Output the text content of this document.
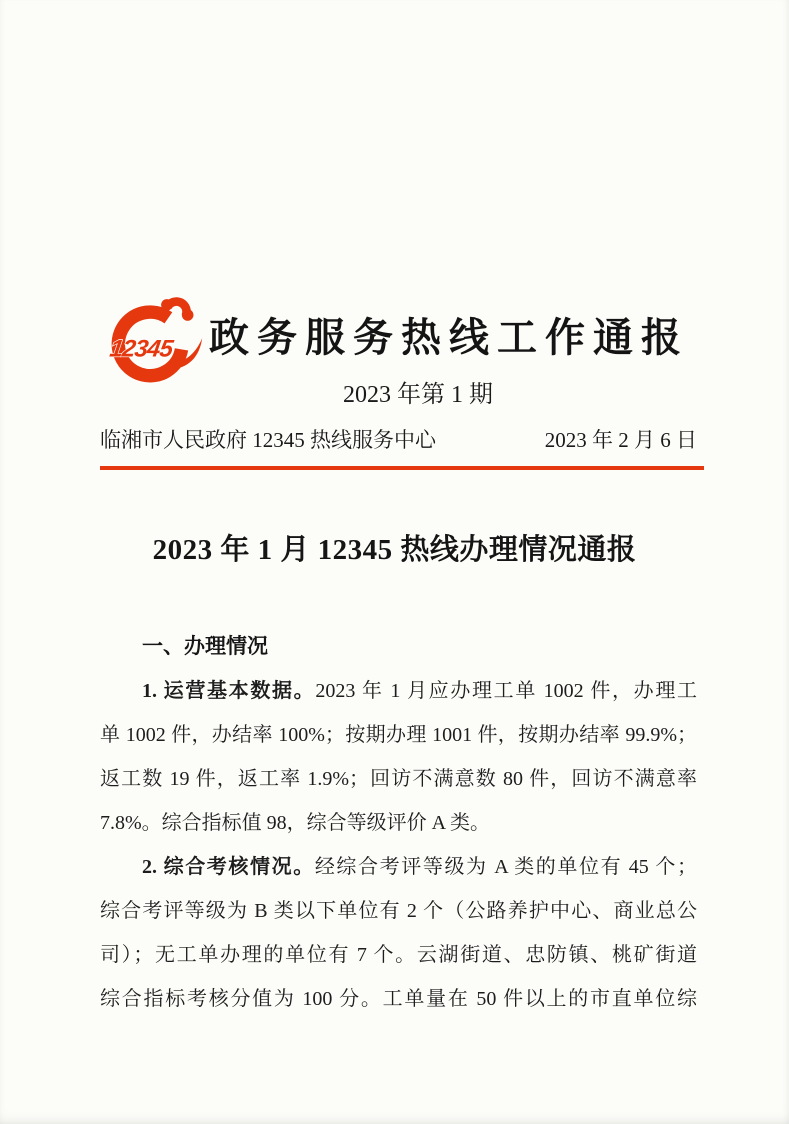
12345 政务服务热线工作通报
2023 年第 1 期
临湘市人民政府 12345 热线服务中心	2023 年 2 月 6 日
2023 年 1 月 12345 热线办理情况通报
一、办理情况
1. 运营基本数据。2023 年 1 月应办理工单 1002 件，办理工
单 1002 件，办结率 100%；按期办理 1001 件，按期办结率 99.9%；
返工数 19 件，返工率 1.9%；回访不满意数 80 件，回访不满意率
7.8%。综合指标值 98，综合等级评价 A 类。
2. 综合考核情况。经综合考评等级为 A 类的单位有 45 个；
综合考评等级为 B 类以下单位有 2 个（公路养护中心、商业总公
司）；无工单办理的单位有 7 个。云湖街道、忠防镇、桃矿街道
综合指标考核分值为 100 分。工单量在 50 件以上的市直单位综
